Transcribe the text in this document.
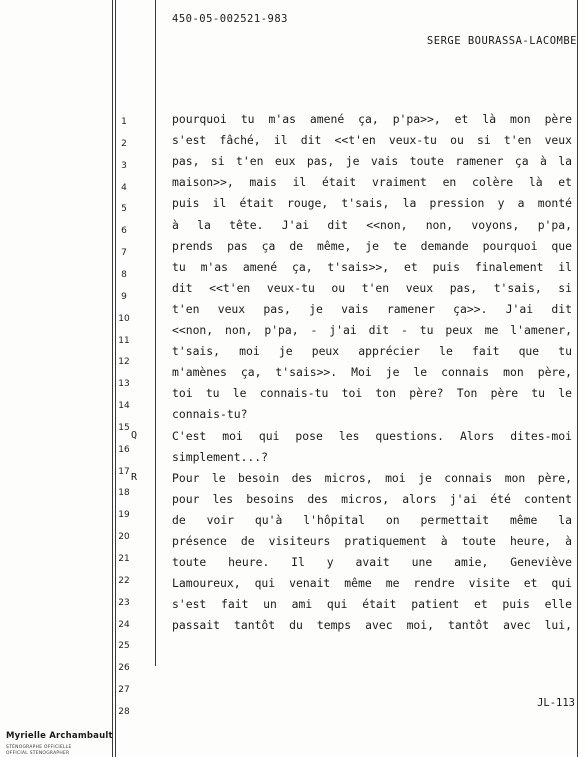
450-05-002521-983
SERGE BOURASSA-LACOMBE
1	pourquoi tu m'as amené ça, p'pa>>, et là mon père
2	s'est fâché, il dit <<t'en veux-tu ou si t'en veux
3	pas, si t'en eux pas, je vais toute ramener ça à la
4	maison>>, mais il était vraiment en colère là et
5	puis il était rouge, t'sais, la pression y a monté
6	à la tête. J'ai dit <<non, non, voyons, p'pa,
7
prends pas ça de même, je te demande pourquoi que
8
tu m'as amené ça, t'sais>>, et puis finalement il
9
dit <<t'en veux-tu ou t'en veux pas, t'sais, si
10
t'en veux pas, je vais ramener ça>>. J'ai dit
11
<<non, non, p'pa, - j'ai dit - tu peux me l'amener,
12
t'sais, moi je peux apprécier le fait que tu
13
m'amènes ça, t'sais>>. Moi je le connais mon père,
14
toi tu le connais-tu toi ton père? Ton père tu le
15
connais-tu?
16
Q	C'est moi qui pose les questions. Alors dites-moi
17
simplement...?
18
R	Pour le besoin des micros, moi je connais mon père,
19
pour les besoins des micros, alors j'ai été content
20
de voir qu'à l'hôpital on permettait même la
21
présence de visiteurs pratiquement à toute heure, à
22
toute heure. Il y avait une amie, Geneviève
23
Lamoureux, qui venait même me rendre visite et qui
24
s'est fait un ami qui était patient et puis elle
25
passait tantôt du temps avec moi, tantôt avec lui,
26
27
28
JL-113
Myrielle Archambault
STÉNOGRAPHE OFFICIELLE
OFFICIAL STENOGRAPHER
